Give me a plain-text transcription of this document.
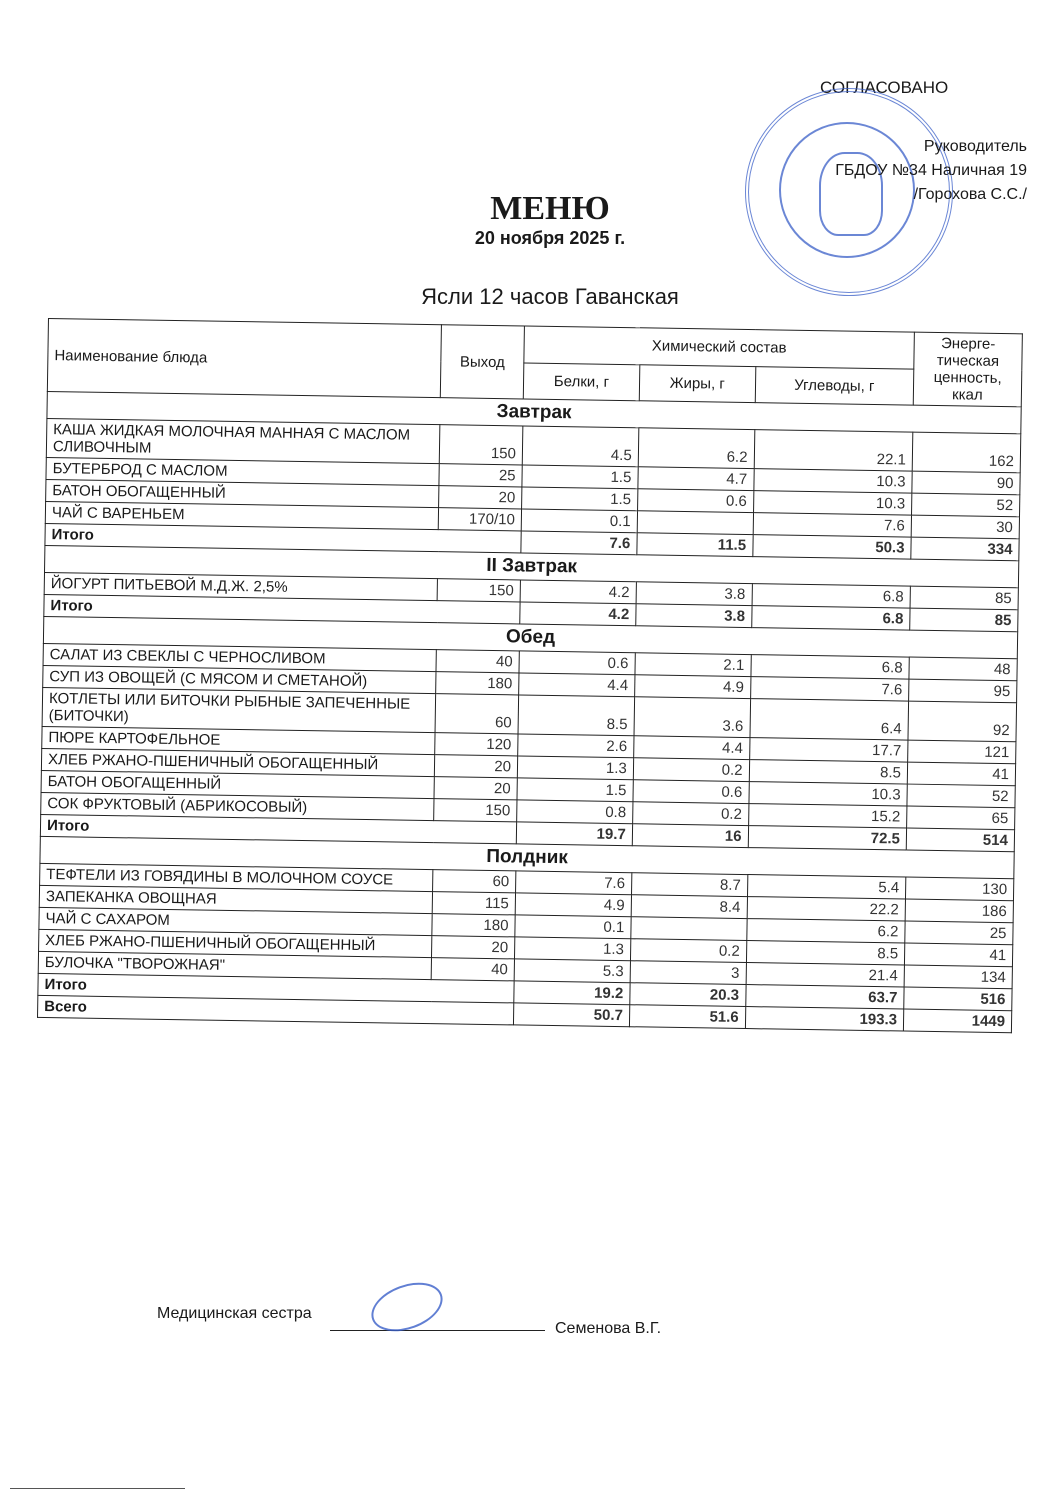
СОГЛАСОВАНО
Руководитель
ГБДОУ №34 Наличная 19
/Горохова С.С./
МЕНЮ
20 ноября 2025 г.
Ясли 12 часов Гаванская
Наименование блюда	Выход	Химический состав			Энерге-тическая ценность, ккал
		Белки, г	Жиры, г	Углеводы, г	
Завтрак					
КАША ЖИДКАЯ МОЛОЧНАЯ МАННАЯ С МАСЛОМ СЛИВОЧНЫМ	150	4.5	6.2	22.1	162
БУТЕРБРОД С МАСЛОМ	25	1.5	4.7	10.3	90
БАТОН ОБОГАЩЕННЫЙ	20	1.5	0.6	10.3	52
ЧАЙ С ВАРЕНЬЕМ	170/10	0.1		7.6	30
Итого		7.6	11.5	50.3	334
II Завтрак					
ЙОГУРТ ПИТЬЕВОЙ М.Д.Ж. 2,5%	150	4.2	3.8	6.8	85
Итого		4.2	3.8	6.8	85
Обед					
САЛАТ ИЗ СВЕКЛЫ С ЧЕРНОСЛИВОМ	40	0.6	2.1	6.8	48
СУП ИЗ ОВОЩЕЙ (С МЯСОМ И СМЕТАНОЙ)	180	4.4	4.9	7.6	95
КОТЛЕТЫ ИЛИ БИТОЧКИ РЫБНЫЕ ЗАПЕЧЕННЫЕ (БИТОЧКИ)	60	8.5	3.6	6.4	92
ПЮРЕ КАРТОФЕЛЬНОЕ	120	2.6	4.4	17.7	121
ХЛЕБ РЖАНО-ПШЕНИЧНЫЙ ОБОГАЩЕННЫЙ	20	1.3	0.2	8.5	41
БАТОН ОБОГАЩЕННЫЙ	20	1.5	0.6	10.3	52
СОК ФРУКТОВЫЙ (АБРИКОСОВЫЙ)	150	0.8	0.2	15.2	65
Итого		19.7	16	72.5	514
Полдник					
ТЕФТЕЛИ ИЗ ГОВЯДИНЫ В МОЛОЧНОМ СОУСЕ	60	7.6	8.7	5.4	130
ЗАПЕКАНКА ОВОЩНАЯ	115	4.9	8.4	22.2	186
ЧАЙ С САХАРОМ	180	0.1		6.2	25
ХЛЕБ РЖАНО-ПШЕНИЧНЫЙ ОБОГАЩЕННЫЙ	20	1.3	0.2	8.5	41
БУЛОЧКА "ТВОРОЖНАЯ"	40	5.3	3	21.4	134
Итого		19.2	20.3	63.7	516
Всего		50.7	51.6	193.3	1449
Медицинская сестра
Семенова В.Г.
